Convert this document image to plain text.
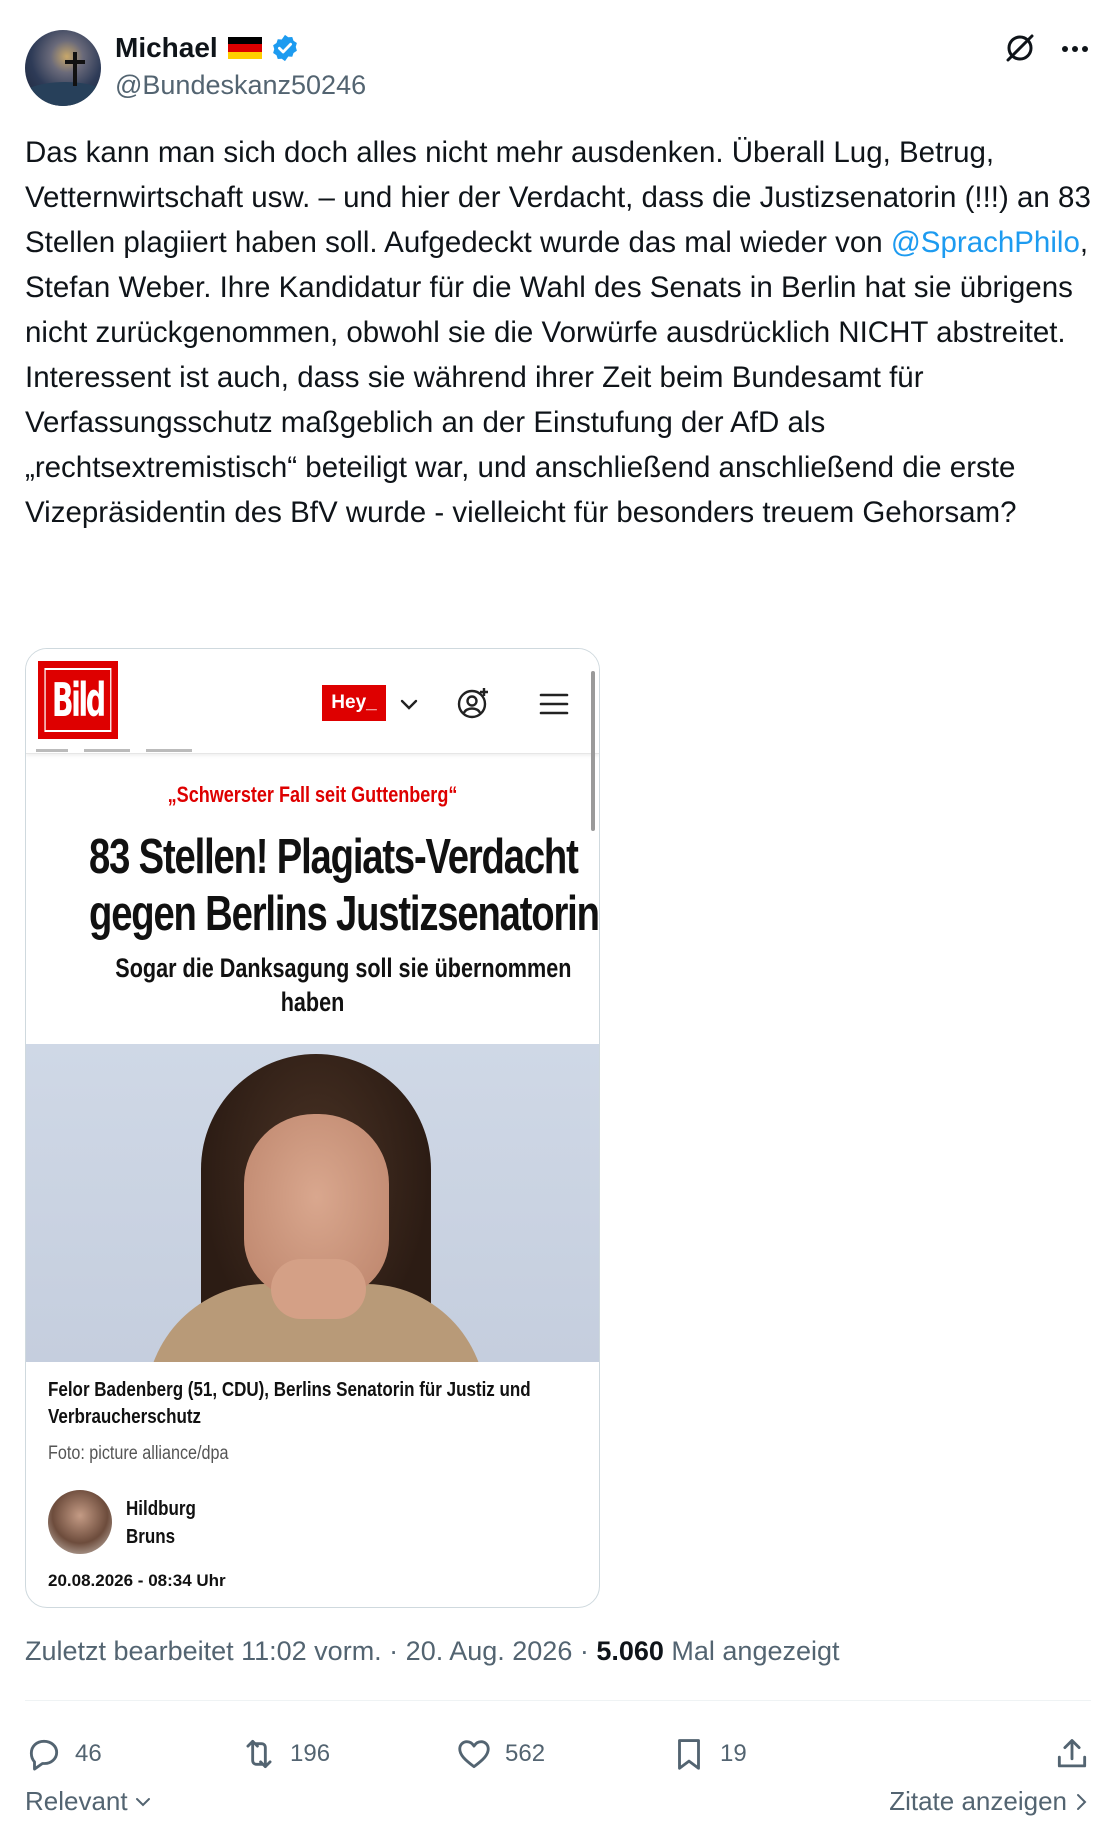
Michael
@Bundeskanz50246
Das kann man sich doch alles nicht mehr ausdenken. Überall Lug, Betrug, Vetternwirtschaft usw. – und hier der Verdacht, dass die Justizsenatorin (!!!) an 83 Stellen plagiiert haben soll. Aufgedeckt wurde das mal wieder von @SprachPhilo, Stefan Weber. Ihre Kandidatur für die Wahl des Senats in Berlin hat sie übrigens nicht zurückgenommen, obwohl sie die Vorwürfe ausdrücklich NICHT abstreitet. Interessent ist auch, dass sie während ihrer Zeit beim Bundesamt für Verfassungsschutz maßgeblich an der Einstufung der AfD als „rechtsextremistisch“ beteiligt war, und anschließend anschließend die erste Vizepräsidentin des BfV wurde - vielleicht für besonders treuem Gehorsam?
Bild	Hey_
„Schwerster Fall seit Guttenberg“
83 Stellen! Plagiats-Verdacht
gegen Berlins Justizsenatorin
Sogar die Danksagung soll sie übernommen
haben
Felor Badenberg (51, CDU), Berlins Senatorin für Justiz und
Verbraucherschutz
Foto: picture alliance/dpa
Hildburg
Bruns
20.08.2026 - 08:34 Uhr
Zuletzt bearbeitet 11:02 vorm. · 20. Aug. 2026 · 5.060 Mal angezeigt
46	196	562	19
Relevant	Zitate anzeigen
